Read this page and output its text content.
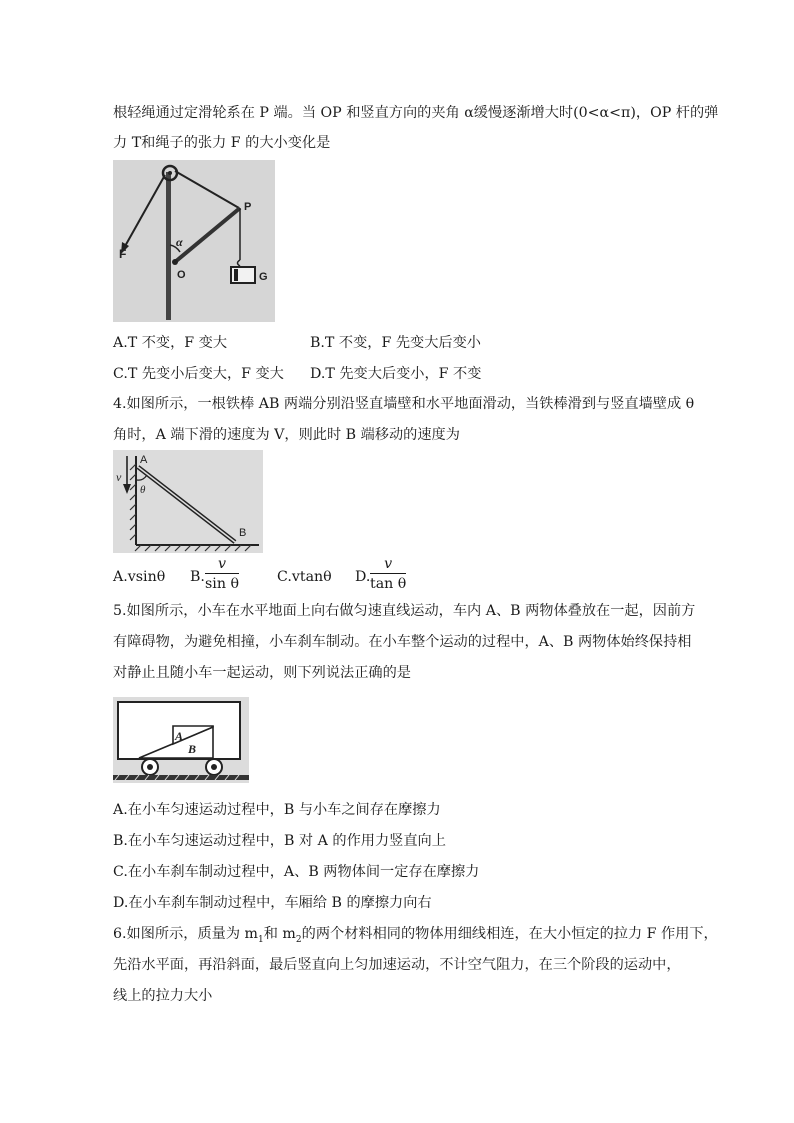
根轻绳通过定滑轮系在 P 端。当 OP 和竖直方向的夹角 α缓慢逐渐增大时(0<α<π)，OP 杆的弹
力 T和绳子的张力 F 的大小变化是
F
P
α
O	G
A.T 不变，F 变大	B.T 不变，F 先变大后变小
C.T 先变小后变大，F 变大 D.T 先变大后变小，F 不变
4.如图所示，一根铁棒 AB 两端分别沿竖直墙壁和水平地面滑动，当铁棒滑到与竖直墙壁成 θ
角时，A 端下滑的速度为 V，则此时 B 端移动的速度为
A
v
θ
B
A.vsinθ B. $\frac{v}{\text{sin θ}}$	C.vtanθ D. $\frac{v}{\text{tan θ}}$
5.如图所示，小车在水平地面上向右做匀速直线运动，车内 A、B 两物体叠放在一起，因前方
有障碍物，为避免相撞，小车刹车制动。在小车整个运动的过程中，A、B 两物体始终保持相
对静止且随小车一起运动，则下列说法正确的是
A
B
A.在小车匀速运动过程中，B 与小车之间存在摩擦力
B.在小车匀速运动过程中，B 对 A 的作用力竖直向上
C.在小车刹车制动过程中，A、B 两物体间一定存在摩擦力
D.在小车刹车制动过程中，车厢给 B 的摩擦力向右
6.如图所示，质量为 $m_1$和 $m_2$的两个材料相同的物体用细线相连，在大小恒定的拉力 F 作用下，
先沿水平面，再沿斜面，最后竖直向上匀加速运动，不计空气阻力，在三个阶段的运动中，
线上的拉力大小
